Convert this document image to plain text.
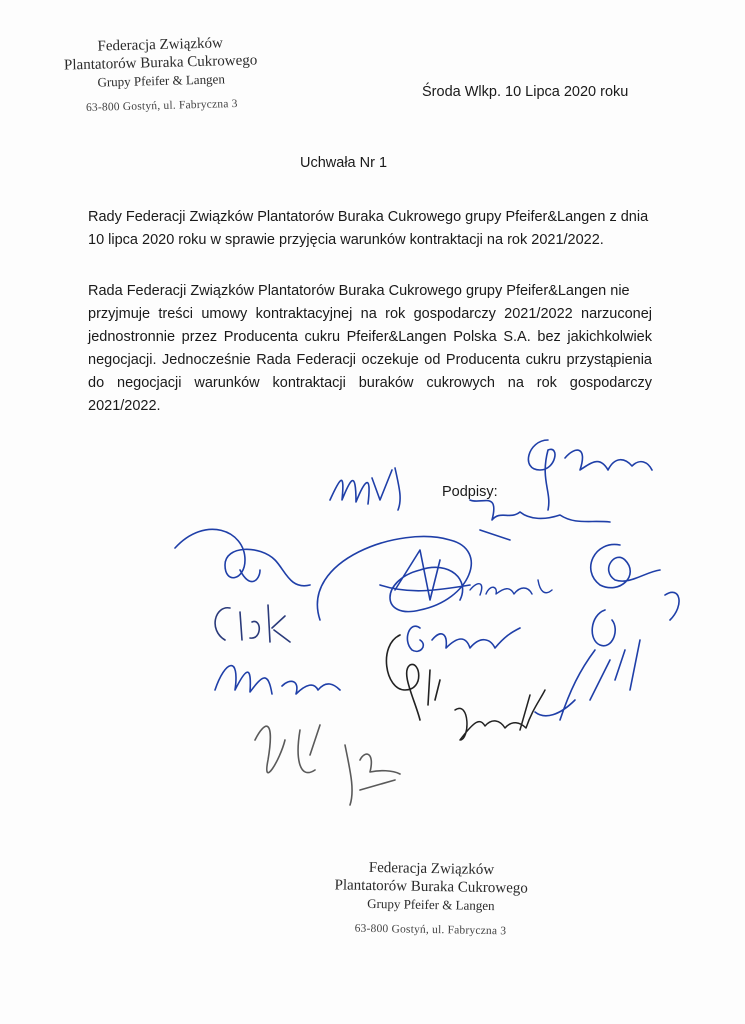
Federacja Związków
Plantatorów Buraka Cukrowego
Grupy Pfeifer & Langen
63-800 Gostyń, ul. Fabryczna 3
Środa Wlkp. 10 Lipca 2020 roku
Uchwała Nr 1
Rady Federacji Związków Plantatorów Buraka Cukrowego grupy Pfeifer&Langen z dnia 10 lipca 2020 roku w sprawie przyjęcia warunków kontraktacji na rok 2021/2022.
Rada Federacji Związków Plantatorów Buraka Cukrowego grupy Pfeifer&Langen nie
przyjmuje treści umowy kontraktacyjnej na rok gospodarczy 2021/2022 narzuconej jednostronnie przez Producenta cukru Pfeifer&Langen Polska S.A. bez jakichkolwiek negocjacji. Jednocześnie Rada Federacji oczekuje od Producenta cukru przystąpienia do negocjacji warunków kontraktacji buraków cukrowych na rok gospodarczy 2021/2022.
Podpisy:
Federacja Związków
Plantatorów Buraka Cukrowego
Grupy Pfeifer & Langen
63-800 Gostyń, ul. Fabryczna 3
